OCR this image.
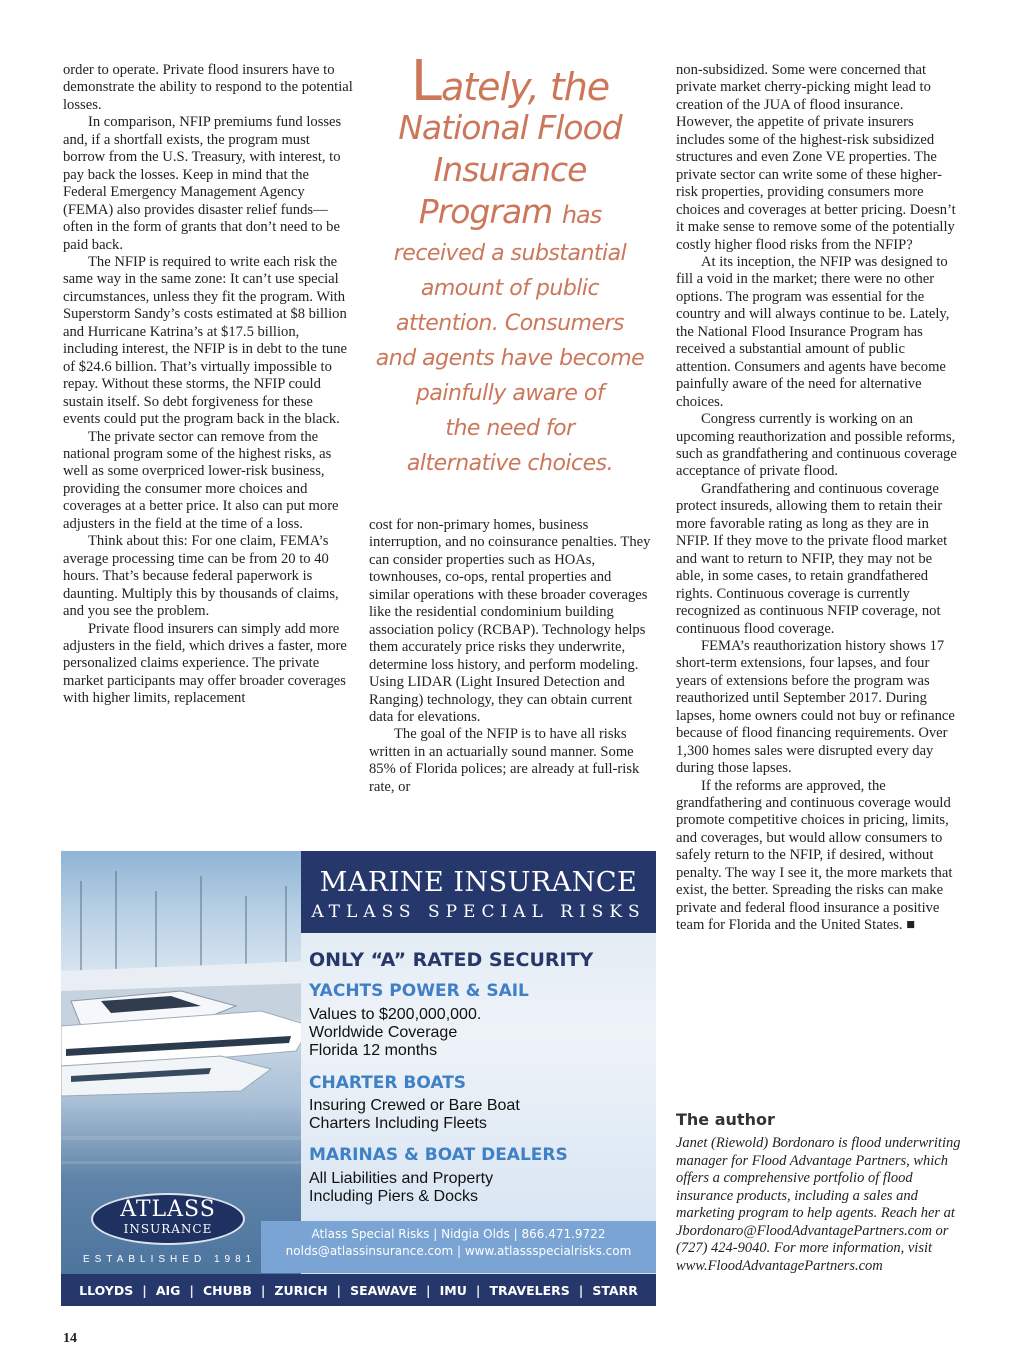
order to operate. Private flood insurers have to demonstrate the ability to respond to the potential losses.

In comparison, NFIP premiums fund losses and, if a shortfall exists, the program must borrow from the U.S. Treasury, with interest, to pay back the losses. Keep in mind that the Federal Emergency Management Agency (FEMA) also provides disaster relief funds—often in the form of grants that don’t need to be paid back.

The NFIP is required to write each risk the same way in the same zone: It can’t use special circumstances, unless they fit the program. With Superstorm Sandy’s costs estimated at $8 billion and Hurricane Katrina’s at $17.5 billion, including interest, the NFIP is in debt to the tune of $24.6 billion. That’s virtually impossible to repay. Without these storms, the NFIP could sustain itself. So debt forgiveness for these events could put the program back in the black.

The private sector can remove from the national program some of the highest risks, as well as some overpriced lower-risk business, providing the consumer more choices and coverages at a better price. It also can put more adjusters in the field at the time of a loss.

Think about this: For one claim, FEMA’s average processing time can be from 20 to 40 hours. That’s because federal paperwork is daunting. Multiply this by thousands of claims, and you see the problem.

Private flood insurers can simply add more adjusters in the field, which drives a faster, more personalized claims experience. The private market participants may offer broader coverages with higher limits, replacement

Lately, the
National Flood
Insurance
Program has
received a substantial
amount of public
attention. Consumers
and agents have become
painfully aware of
the need for
alternative choices.

cost for non-primary homes, business interruption, and no coinsurance penalties. They can consider properties such as HOAs, townhouses, co-ops, rental properties and similar operations with these broader coverages like the residential condominium building association policy (RCBAP). Technology helps them accurately price risks they underwrite, determine loss history, and perform modeling. Using LIDAR (Light Insured Detection and Ranging) technology, they can obtain current data for elevations.

The goal of the NFIP is to have all risks written in an actuarially sound manner. Some 85% of Florida polices; are already at full-risk rate, or

non-subsidized. Some were concerned that private market cherry-picking might lead to creation of the JUA of flood insurance. However, the appetite of private insurers includes some of the highest-risk subsidized structures and even Zone VE properties. The private sector can write some of these higher-risk properties, providing consumers more choices and coverages at better pricing. Doesn’t it make sense to remove some of the potentially costly higher flood risks from the NFIP?

At its inception, the NFIP was designed to fill a void in the market; there were no other options. The program was essential for the country and will always continue to be. Lately, the National Flood Insurance Program has received a substantial amount of public attention. Consumers and agents have become painfully aware of the need for alternative choices.

Congress currently is working on an upcoming reauthorization and possible reforms, such as grandfathering and continuous coverage acceptance of private flood.

Grandfathering and continuous coverage protect insureds, allowing them to retain their more favorable rating as long as they are in NFIP. If they move to the private flood market and want to return to NFIP, they may not be able, in some cases, to retain grandfathered rights. Continuous coverage is currently recognized as continuous NFIP coverage, not continuous flood coverage.

FEMA’s reauthorization history shows 17 short-term extensions, four lapses, and four years of extensions before the program was reauthorized until September 2017. During lapses, home owners could not buy or refinance because of flood financing requirements. Over 1,300 homes sales were disrupted every day during those lapses.

If the reforms are approved, the grandfathering and continuous coverage would promote competitive choices in pricing, limits, and coverages, but would allow consumers to safely return to the NFIP, if desired, without penalty. The way I see it, the more markets that exist, the better. Spreading the risks can make private and federal flood insurance a positive team for Florida and the United States. ■

MARINE INSURANCE
ATLASS SPECIAL RISKS
ONLY “A” RATED SECURITY
YACHTS POWER & SAIL
Values to $200,000,000.
Worldwide Coverage
Florida 12 months
CHARTER BOATS
Insuring Crewed or Bare Boat
Charters Including Fleets
MARINAS & BOAT DEALERS
All Liabilities and Property
Including Piers & Docks
Atlass Special Risks | Nidgia Olds | 866.471.9722
nolds@atlassinsurance.com | www.atlassspecialrisks.com
ATLASS
INSURANCE
ESTABLISHED 1981
LLOYDS | AIG | CHUBB | ZURICH | SEAWAVE | IMU | TRAVELERS | STARR
The author
Janet (Riewold) Bordonaro is flood underwriting manager for Flood Advantage Partners, which offers a comprehensive portfolio of flood insurance products, including a sales and marketing program to help agents. Reach her at Jbordonaro@FloodAdvantagePartners.com or (727) 424-9040. For more information, visit www.FloodAdvantagePartners.com
14
